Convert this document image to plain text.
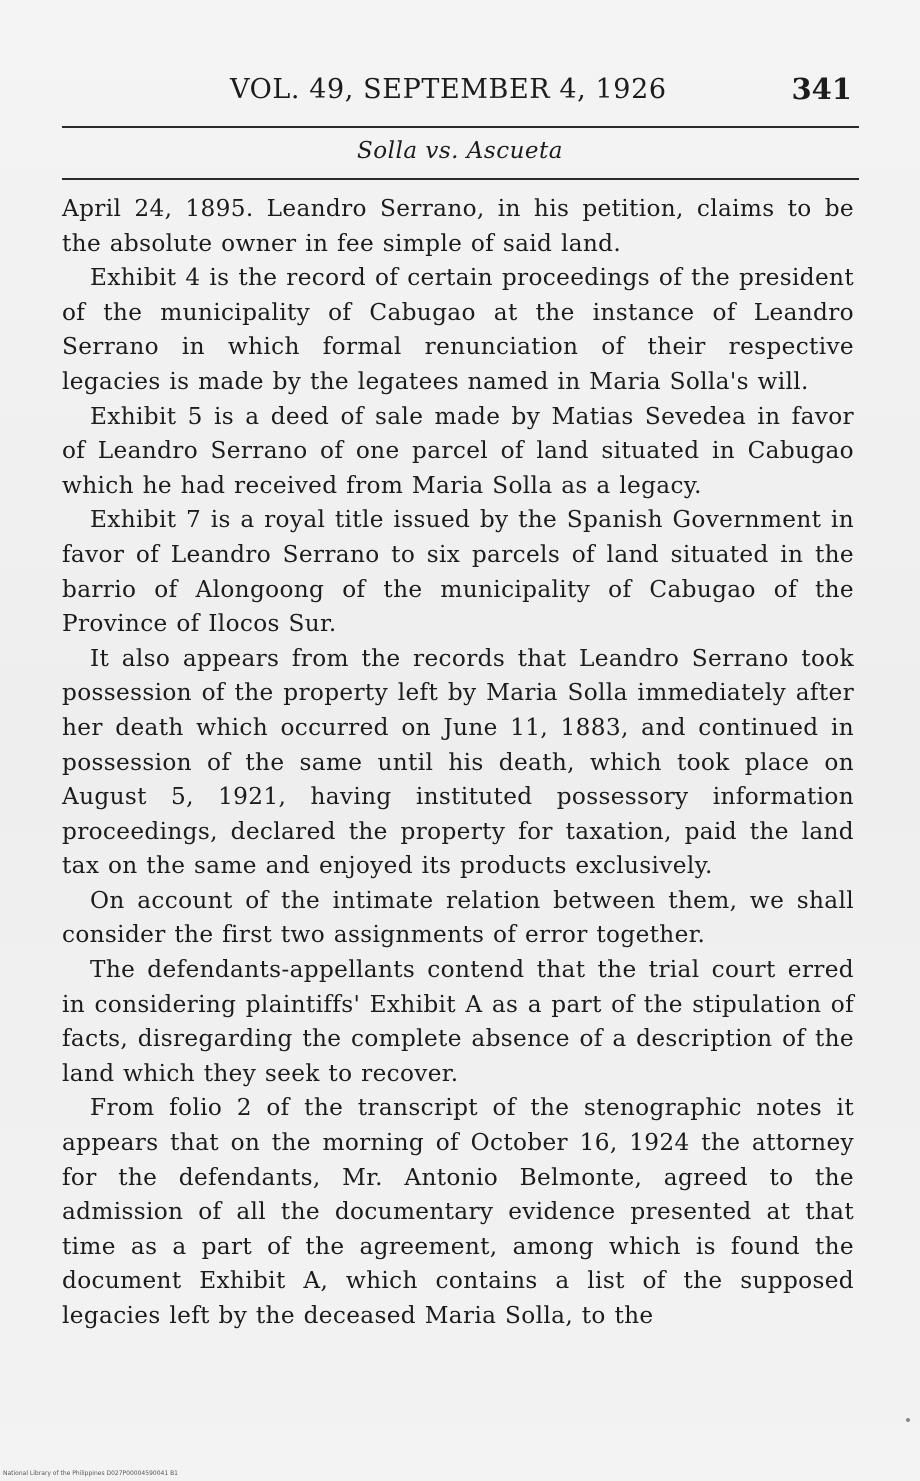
VOL. 49, SEPTEMBER 4, 1926	341
Solla vs. Ascueta

April 24, 1895. Leandro Serrano, in his petition, claims to be the absolute owner in fee simple of said land.

Exhibit 4 is the record of certain proceedings of the president of the municipality of Cabugao at the instance of Leandro Serrano in which formal renunciation of their respective legacies is made by the legatees named in Maria Solla's will.

Exhibit 5 is a deed of sale made by Matias Sevedea in favor of Leandro Serrano of one parcel of land situated in Cabugao which he had received from Maria Solla as a legacy.

Exhibit 7 is a royal title issued by the Spanish Government in favor of Leandro Serrano to six parcels of land situated in the barrio of Alongoong of the municipality of Cabugao of the Province of Ilocos Sur.

It also appears from the records that Leandro Serrano took possession of the property left by Maria Solla immediately after her death which occurred on June 11, 1883, and continued in possession of the same until his death, which took place on August 5, 1921, having instituted possessory information proceedings, declared the property for taxation, paid the land tax on the same and enjoyed its products exclusively.

On account of the intimate relation between them, we shall consider the first two assignments of error together.

The defendants-appellants contend that the trial court erred in considering plaintiffs' Exhibit A as a part of the stipulation of facts, disregarding the complete absence of a description of the land which they seek to recover.

From folio 2 of the transcript of the stenographic notes it appears that on the morning of October 16, 1924 the attorney for the defendants, Mr. Antonio Belmonte, agreed to the admission of all the documentary evidence presented at that time as a part of the agreement, among which is found the document Exhibit A, which contains a list of the supposed legacies left by the deceased Maria Solla, to the

National Library of the Philippines D027P00004590041 B1
